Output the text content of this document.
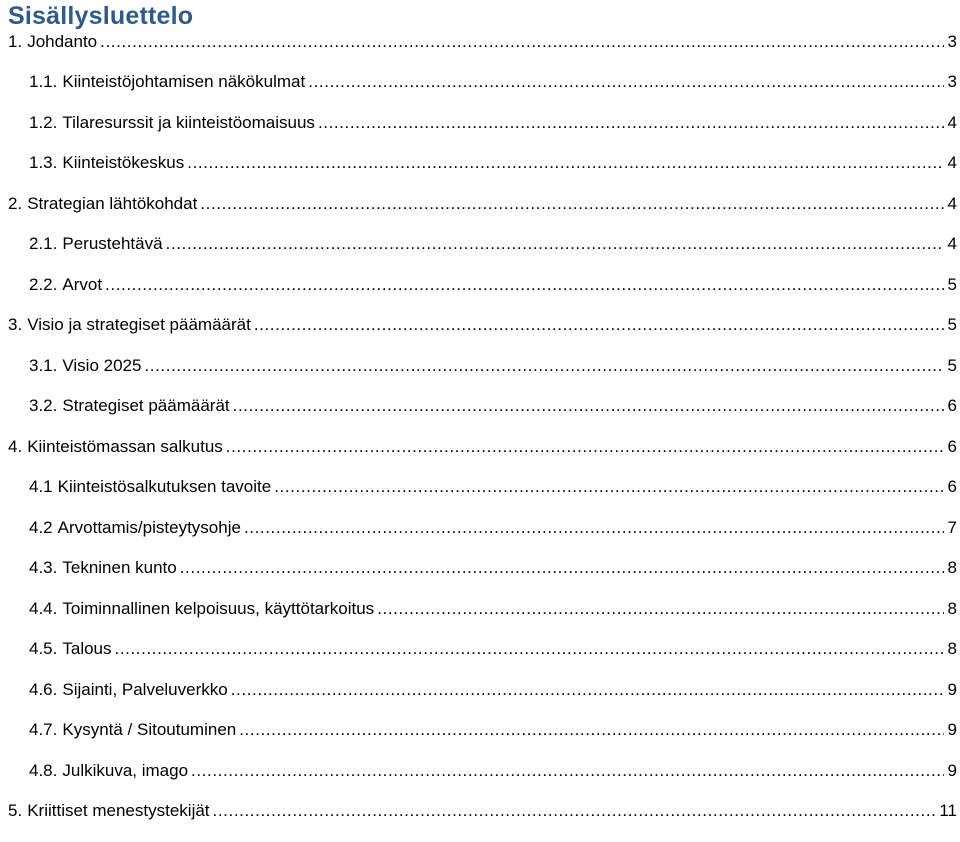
Sisällysluettelo
1. Johdanto .....	3
1.1. Kiinteistöjohtamisen näkökulmat .....	3
1.2. Tilaresurssit ja kiinteistöomaisuus .....	4
1.3. Kiinteistökeskus .....	4
2. Strategian lähtökohdat .....	4
2.1. Perustehtävä .....	4
2.2. Arvot .....	5
3. Visio ja strategiset päämäärät .....	5
3.1. Visio 2025 .....	5
3.2. Strategiset päämäärät .....	6
4. Kiinteistömassan salkutus .....	6
4.1 Kiinteistösalkutuksen tavoite .....	6
4.2 Arvottamis/pisteytysohje .....	7
4.3. Tekninen kunto .....	8
4.4. Toiminnallinen kelpoisuus, käyttötarkoitus .....	8
4.5. Talous .....	8
4.6. Sijainti, Palveluverkko .....	9
4.7. Kysyntä / Sitoutuminen .....	9
4.8. Julkikuva, imago .....	9
5. Kriittiset menestystekijät .....	11
